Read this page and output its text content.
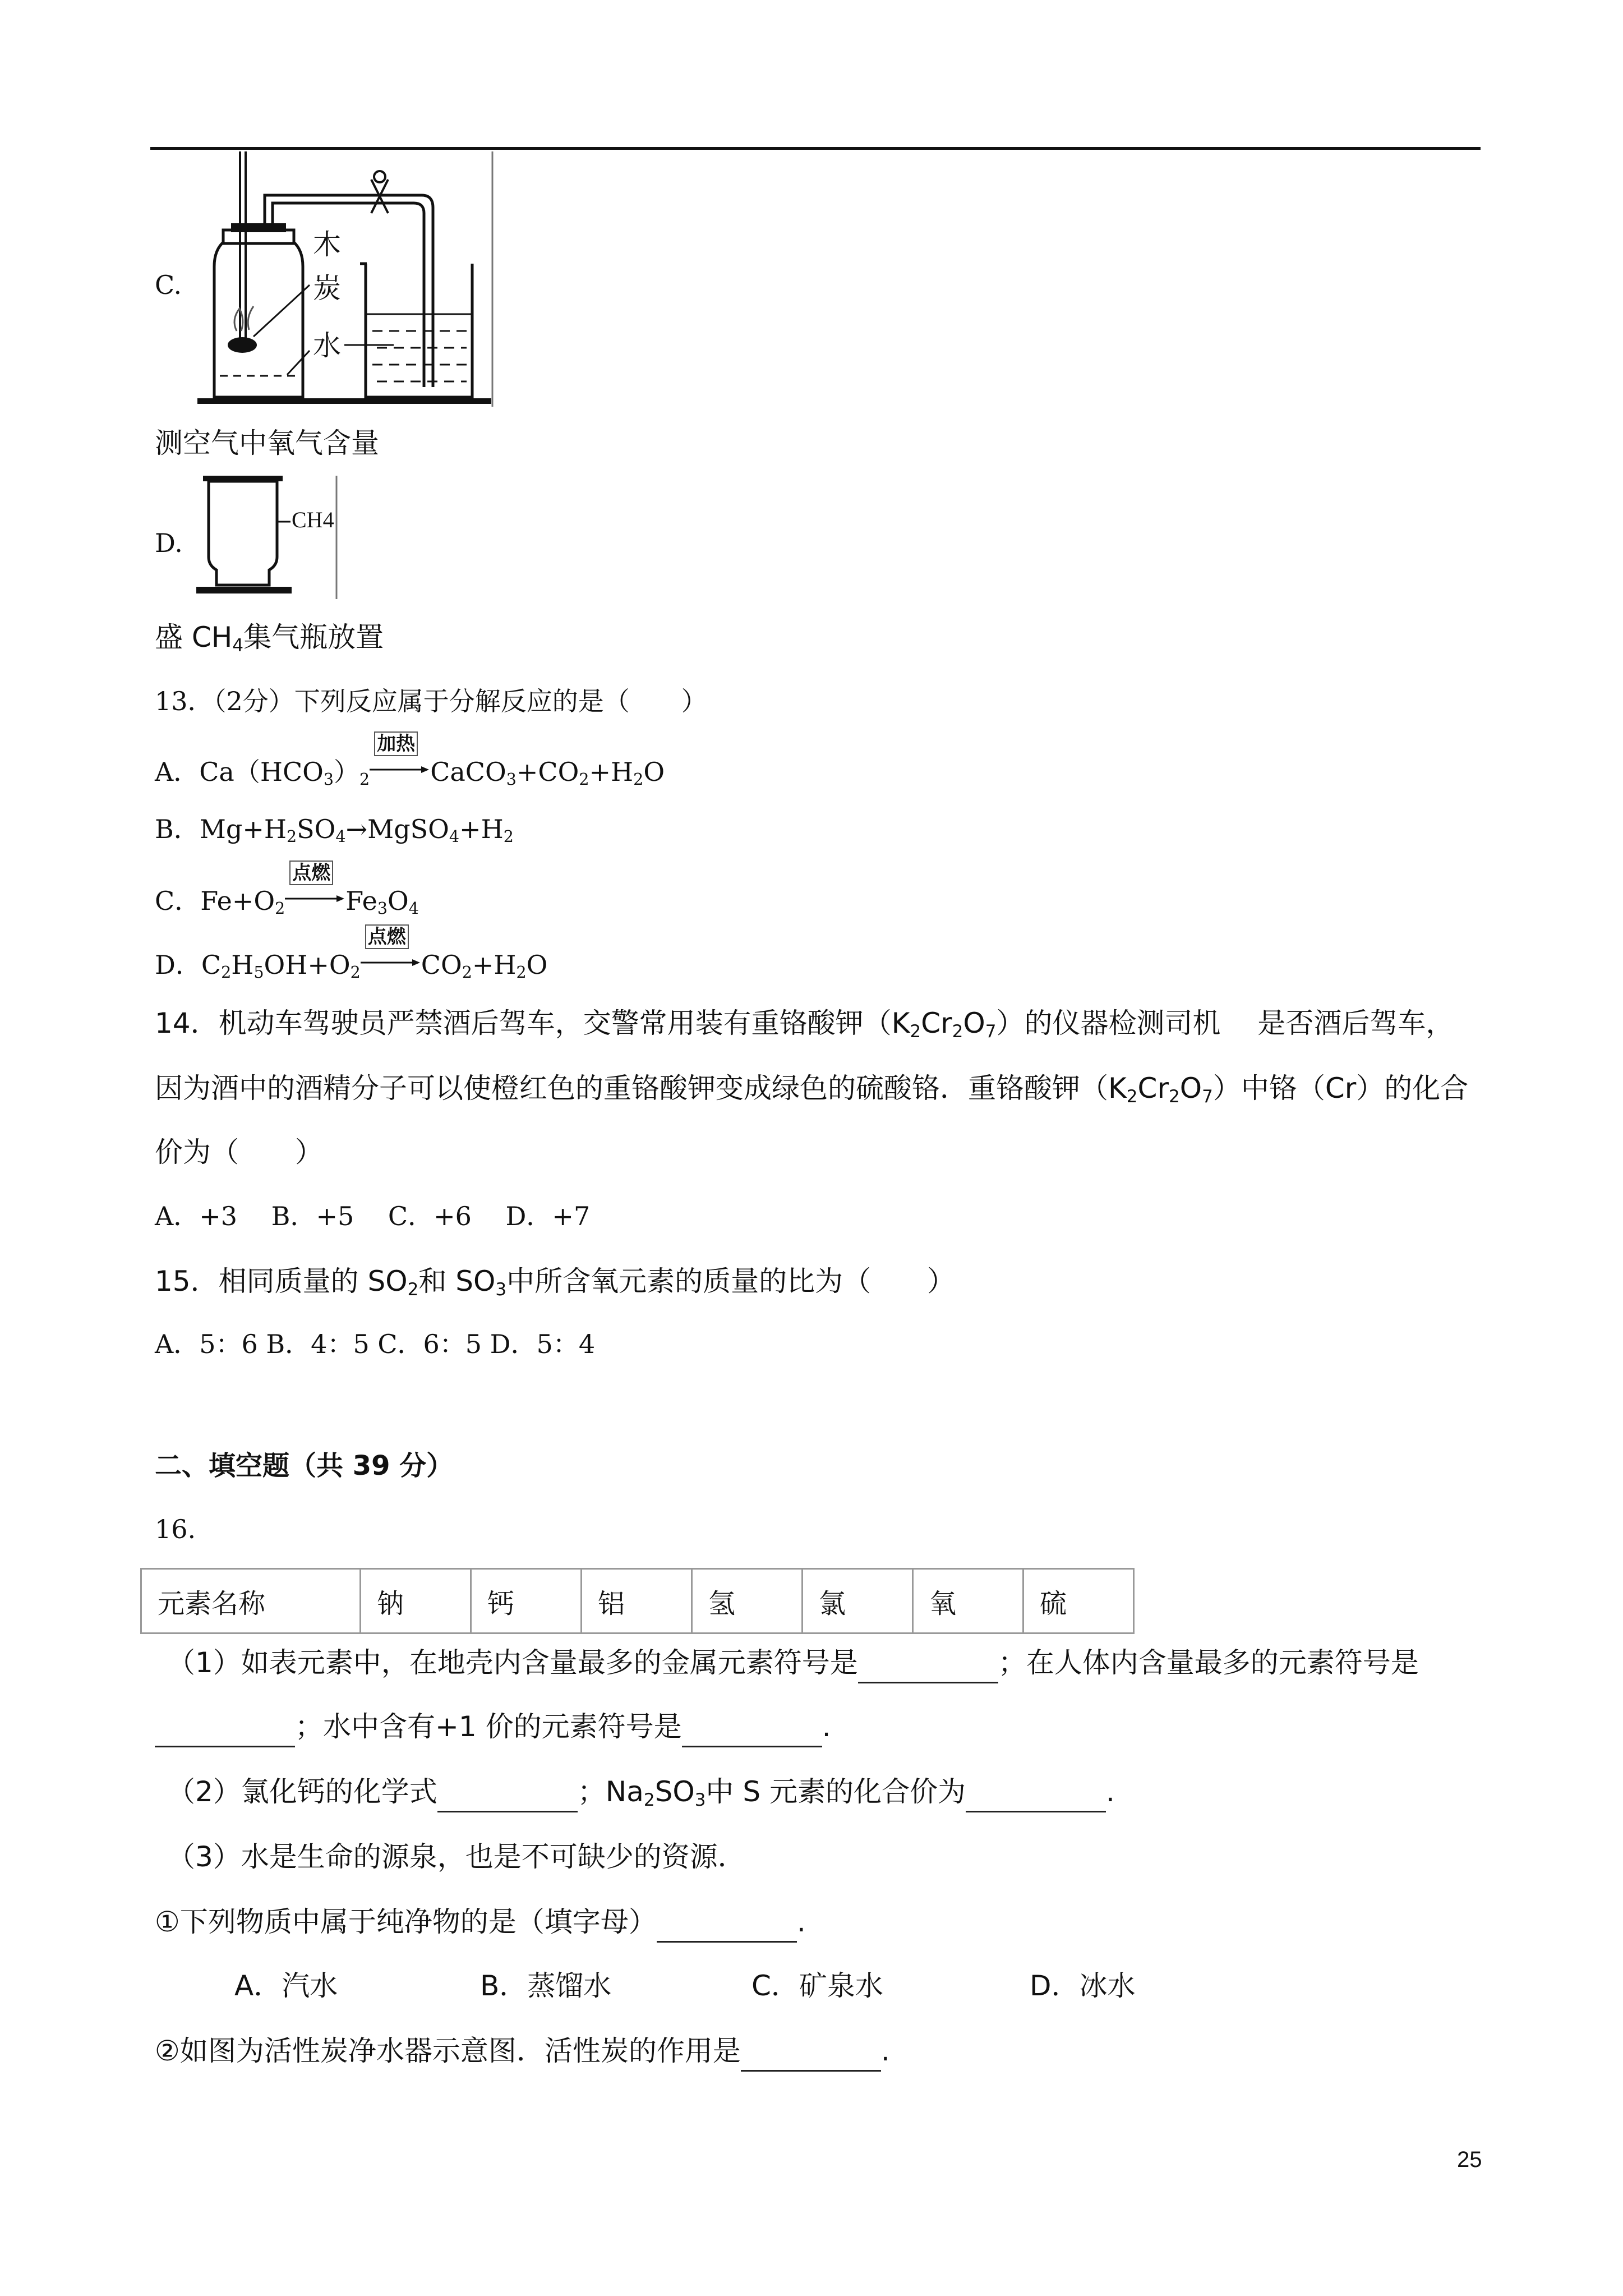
C.
木
炭
水
测空气中氧气含量
D.
CH4
盛 $CH_4$集气瓶放置
13．（2分）下列反应属于分解反应的是（　　）
A．$Ca(HCO_3)_2$
加热
$CaCO_3+CO_2+H_2O$
B．$Mg+H_2SO_4\to MgSO_4+H_2$
C．$Fe+O_2$
点燃
$Fe_3O_4$
D．$C_2H_5OH+O_2$
点燃
$CO_2+H_2O$
14．机动车驾驶员严禁酒后驾车，交警常用装有重铬酸钾$(K_2Cr_2O_7)$的仪器检测司机　 是否酒后驾车，
因为酒中的酒精分子可以使橙红色的重铬酸钾变成绿色的硫酸铬．重铬酸钾$(K_2Cr_2O_7)$中铬（Cr）的化合
价为（　　）
A．+3　 B．+5　 C．+6　 D．+7
15．相同质量的 $SO_2$和 $SO_3$中所含氧元素的质量的比为（　　）
A．5：6 B．4：5 C．6：5 D．5：4
二、填空题（共 39 分）
16.
元素名称	钠	钙	铝	氢	氯	氧	硫
（1）如表元素中，在地壳内含量最多的金属元素符号是	；在人体内含量最多的元素符号是
；水中含有+1 价的元素符号是	.
（2）氯化钙的化学式	；$Na_2SO_3$中 S 元素的化合价为	.
（3）水是生命的源泉，也是不可缺少的资源．
①下列物质中属于纯净物的是（填字母）	.
A．汽水	B．蒸馏水	C．矿泉水	D．冰水
②如图为活性炭净水器示意图．活性炭的作用是	.
25
